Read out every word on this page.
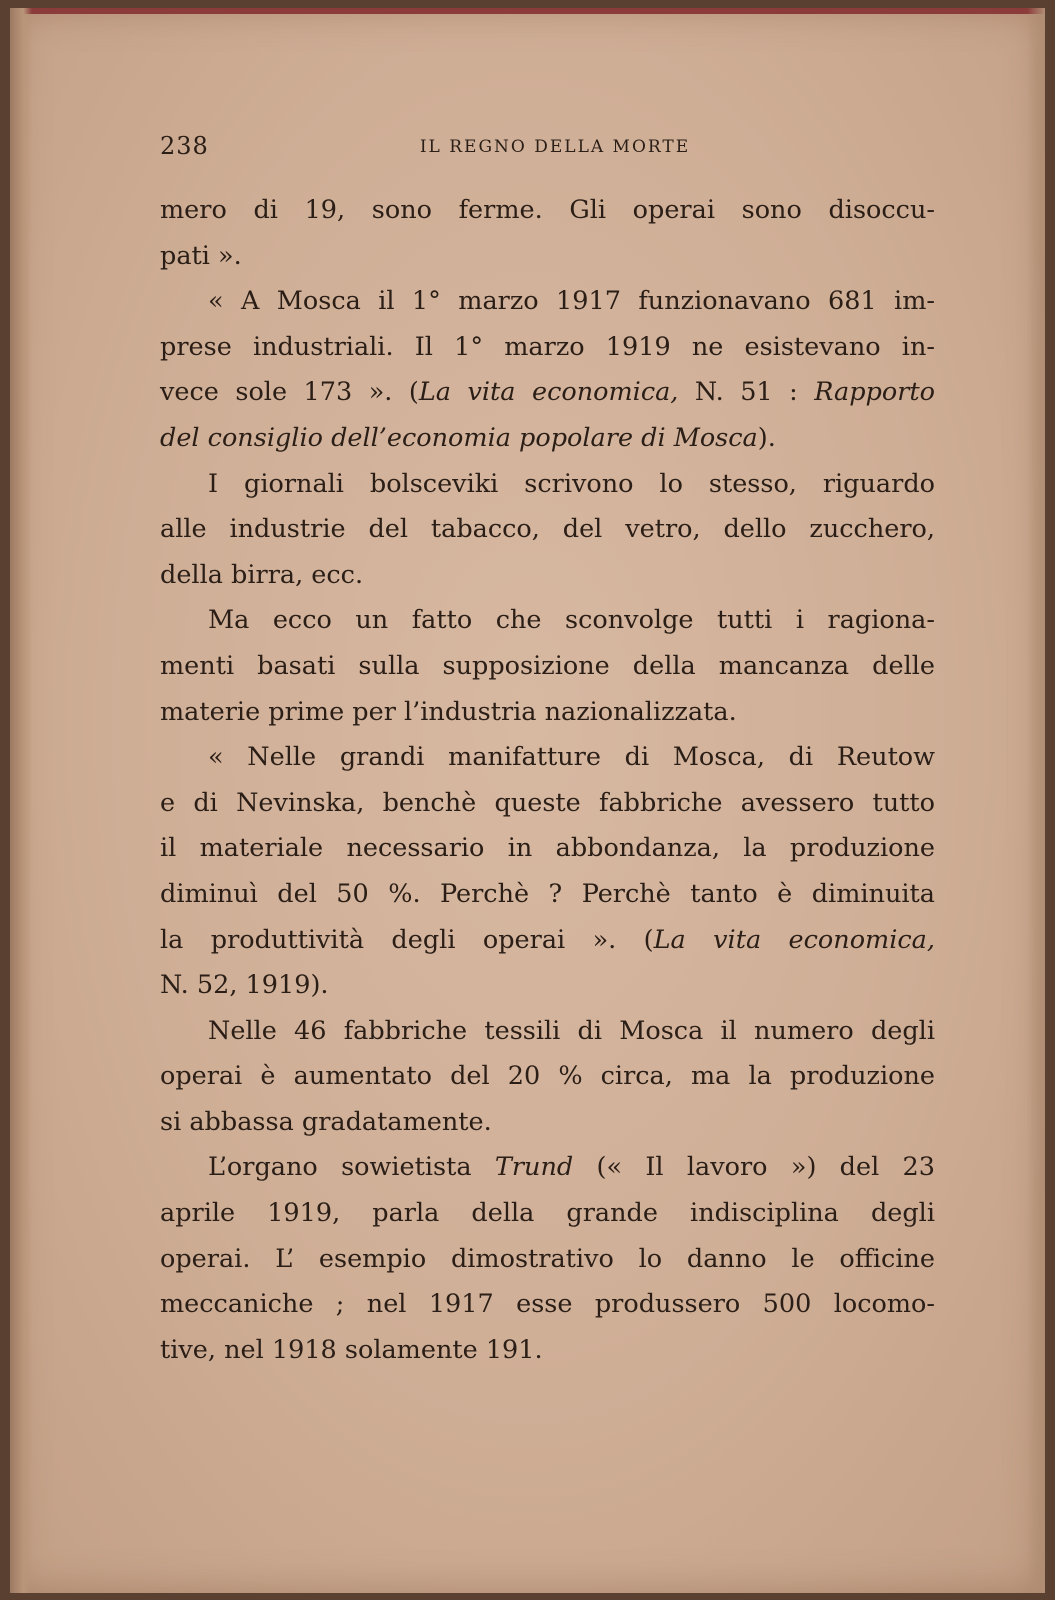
238	IL REGNO DELLA MORTE
mero di 19, sono ferme. Gli operai sono disoccu-
pati ».
« A Mosca il 1° marzo 1917 funzionavano 681 im-
prese industriali. Il 1° marzo 1919 ne esistevano in-
vece sole 173 ». (La vita economica, N. 51 : Rapporto
del consiglio dell’economia popolare di Mosca).
I giornali bolsceviki scrivono lo stesso, riguardo
alle industrie del tabacco, del vetro, dello zucchero,
della birra, ecc.
Ma ecco un fatto che sconvolge tutti i ragiona-
menti basati sulla supposizione della mancanza delle
materie prime per l’industria nazionalizzata.
« Nelle grandi manifatture di Mosca, di Reutow
e di Nevinska, benchè queste fabbriche avessero tutto
il materiale necessario in abbondanza, la produzione
diminuì del 50 %. Perchè ? Perchè tanto è diminuita
la produttività degli operai ». (La vita economica,
N. 52, 1919).
Nelle 46 fabbriche tessili di Mosca il numero degli
operai è aumentato del 20 % circa, ma la produzione
si abbassa gradatamente.
L’organo sowietista Trund (« Il lavoro ») del 23
aprile 1919, parla della grande indisciplina degli
operai. L’ esempio dimostrativo lo danno le officine
meccaniche ; nel 1917 esse produssero 500 locomo-
tive, nel 1918 solamente 191.
